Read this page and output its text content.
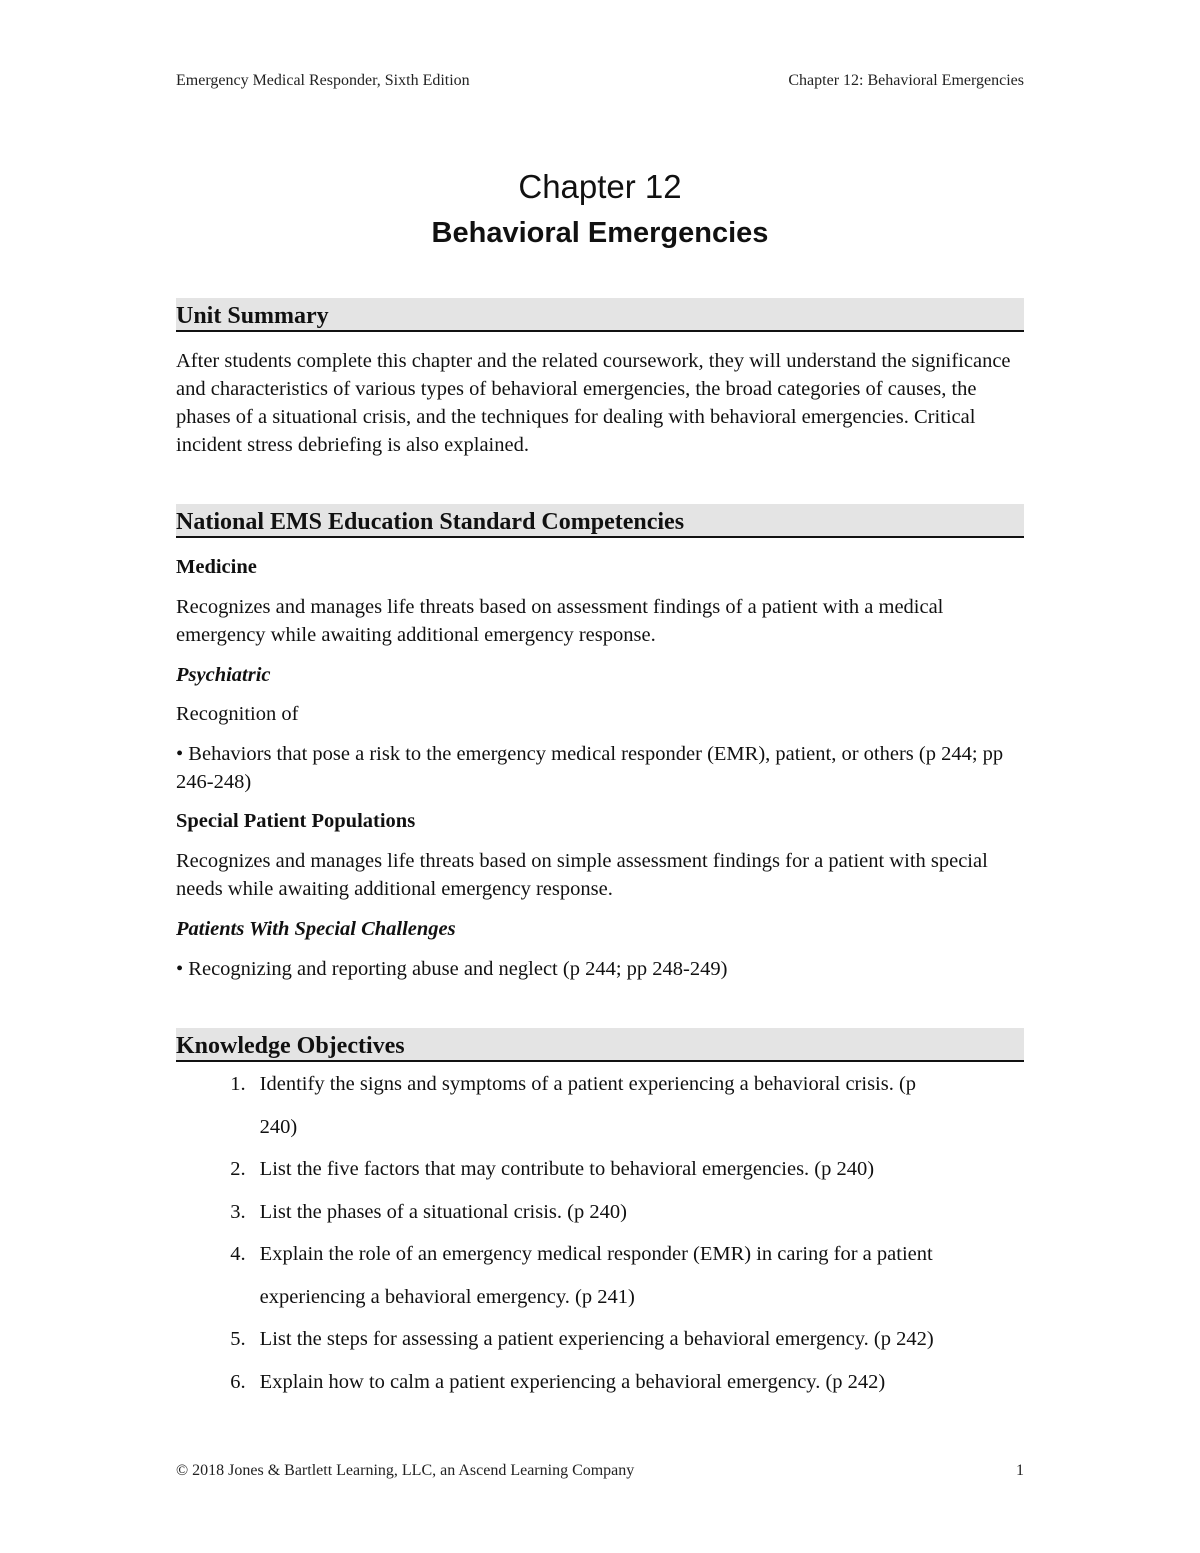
Emergency Medical Responder, Sixth Edition	Chapter 12: Behavioral Emergencies
Chapter 12
Behavioral Emergencies
Unit Summary

After students complete this chapter and the related coursework, they will understand the significance and characteristics of various types of behavioral emergencies, the broad categories of causes, the phases of a situational crisis, and the techniques for dealing with behavioral emergencies. Critical incident stress debriefing is also explained.

National EMS Education Standard Competencies

Medicine

Recognizes and manages life threats based on assessment findings of a patient with a medical emergency while awaiting additional emergency response.

Psychiatric

Recognition of

• Behaviors that pose a risk to the emergency medical responder (EMR), patient, or others (p 244; pp 246-248)

Special Patient Populations

Recognizes and manages life threats based on simple assessment findings for a patient with special needs while awaiting additional emergency response.

Patients With Special Challenges

• Recognizing and reporting abuse and neglect (p 244; pp 248-249)

Knowledge Objectives
1. Identify the signs and symptoms of a patient experiencing a behavioral crisis. (p
240)
2. List the five factors that may contribute to behavioral emergencies. (p 240)
3. List the phases of a situational crisis. (p 240)
4. Explain the role of an emergency medical responder (EMR) in caring for a patient
experiencing a behavioral emergency. (p 241)
5. List the steps for assessing a patient experiencing a behavioral emergency. (p 242)
6. Explain how to calm a patient experiencing a behavioral emergency. (p 242)
© 2018 Jones & Bartlett Learning, LLC, an Ascend Learning Company	1
